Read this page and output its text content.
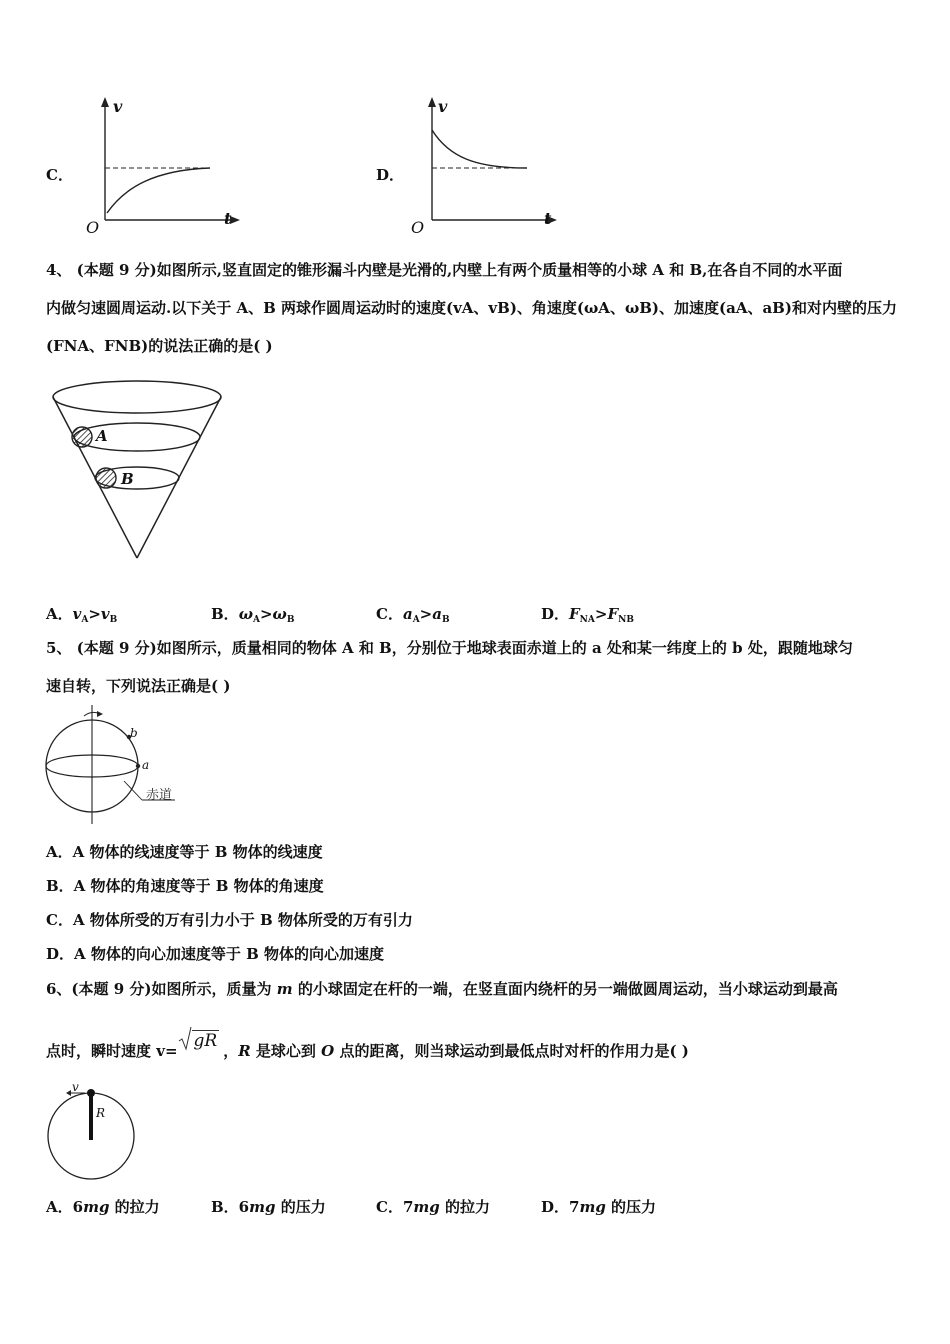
C．
v
t
O
D．
v
t
O
4、 (本题 9 分)如图所示,竖直固定的锥形漏斗内壁是光滑的,内壁上有两个质量相等的小球 A 和 B,在各自不同的水平面
内做匀速圆周运动.以下关于 A、B 两球作圆周运动时的速度(vA、vB)、角速度(ωA、ωB)、加速度(aA、aB)和对内壁的压力
(FNA、FNB)的说法正确的是( )
A
B
A．$v_A>v_B$	B．$\omega_A>\omega_B$	C．$a_A>a_B$	D．$F_{NA}>F_{NB}$
5、 (本题 9 分)如图所示，质量相同的物体 A 和 B，分别位于地球表面赤道上的 a 处和某一纬度上的 b 处，跟随地球匀
速自转，下列说法正确是( )
b
a
赤道
A．A 物体的线速度等于 B 物体的线速度
B．A 物体的角速度等于 B 物体的角速度
C．A 物体所受的万有引力小于 B 物体所受的万有引力
D．A 物体的向心加速度等于 B 物体的向心加速度
6、(本题 9 分)如图所示，质量为 m 的小球固定在杆的一端，在竖直面内绕杆的另一端做圆周运动，当小球运动到最高
点时，瞬时速度 v= gR ，R 是球心到 O 点的距离，则当球运动到最低点时对杆的作用力是( )
v
R
A．6mg 的拉力	B．6mg 的压力	C．7mg 的拉力	D．7mg 的压力
